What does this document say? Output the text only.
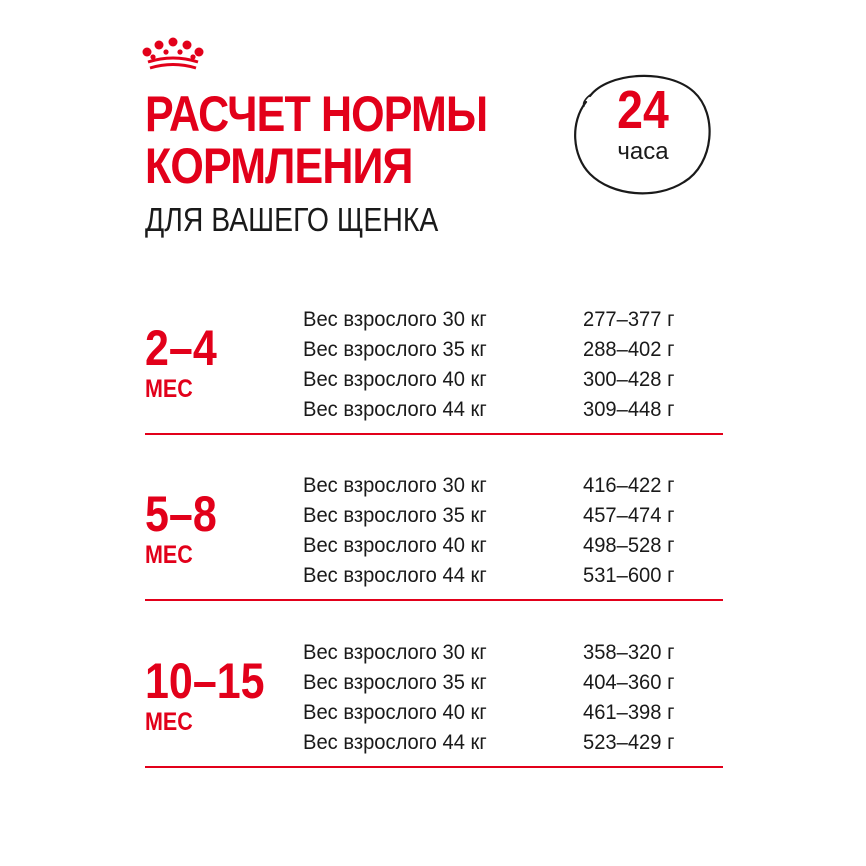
РАСЧЕТ НОРМЫ
КОРМЛЕНИЯ
ДЛЯ ВАШЕГО ЩЕНКА
24
часа
2–4
МЕС
Вес взрослого 30 кг	277–377 г
Вес взрослого 35 кг	288–402 г
Вес взрослого 40 кг	300–428 г
Вес взрослого 44 кг	309–448 г
5–8
МЕС
Вес взрослого 30 кг	416–422 г
Вес взрослого 35 кг	457–474 г
Вес взрослого 40 кг	498–528 г
Вес взрослого 44 кг	531–600 г
10–15
МЕС
Вес взрослого 30 кг	358–320 г
Вес взрослого 35 кг	404–360 г
Вес взрослого 40 кг	461–398 г
Вес взрослого 44 кг	523–429 г
